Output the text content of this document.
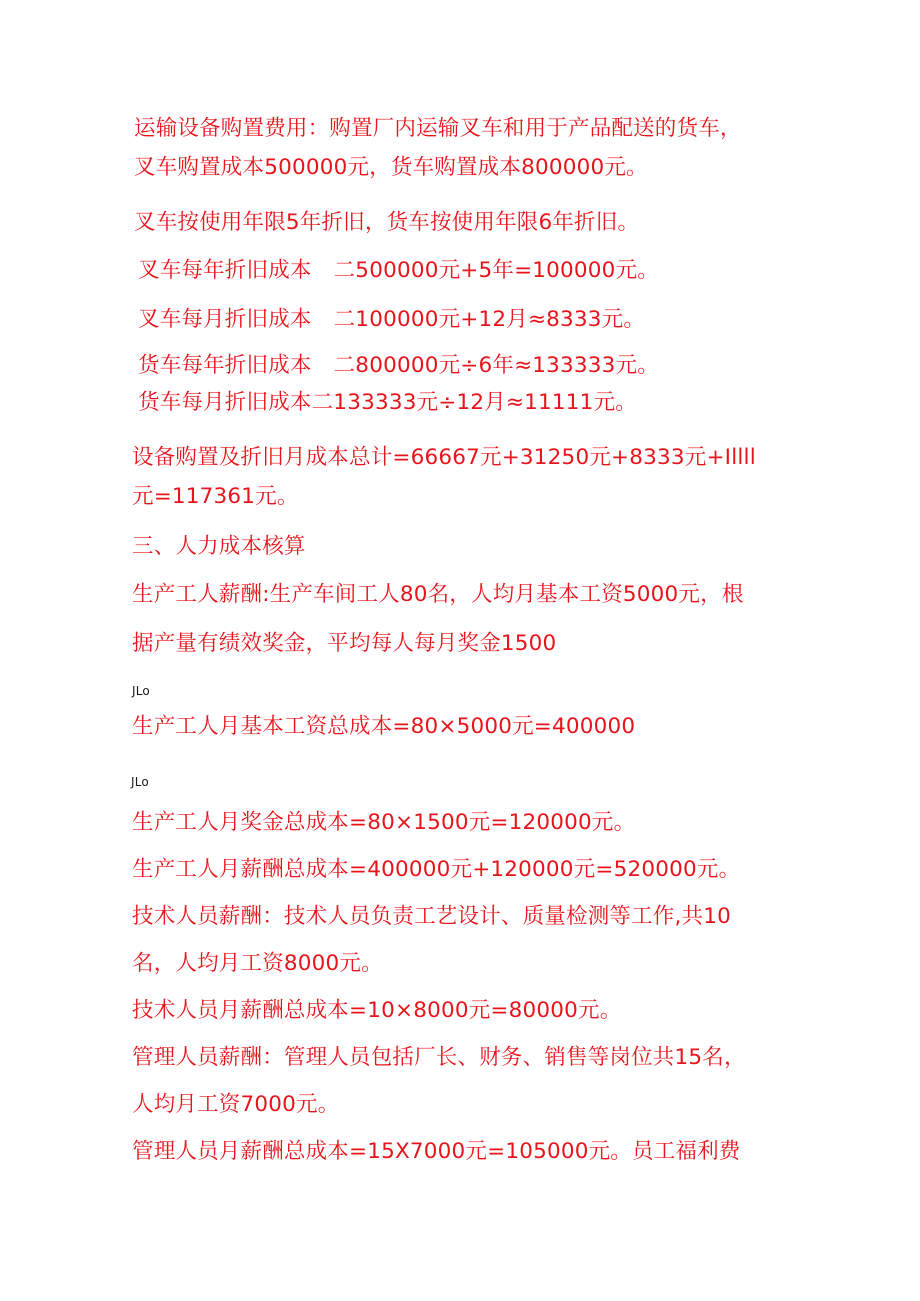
运输设备购置费用：购置厂内运输叉车和用于产品配送的货车，
叉车购置成本500000元，货车购置成本800000元。
叉车按使用年限5年折旧，货车按使用年限6年折旧。
叉车每年折旧成本 二500000元+5年=100000元。
叉车每月折旧成本 二100000元+12月≈8333元。
货车每年折旧成本 二800000元÷6年≈133333元。
货车每月折旧成本二133333元÷12月≈11111元。
设备购置及折旧月成本总计=66667元+31250元+8333元+Illll
元=117361元。
三、人力成本核算
生产工人薪酬:生产车间工人80名，人均月基本工资5000元，根
据产量有绩效奖金，平均每人每月奖金1500
JLo
生产工人月基本工资总成本=80×5000元=400000
JLo
生产工人月奖金总成本=80×1500元=120000元。
生产工人月薪酬总成本=400000元+120000元=520000元。
技术人员薪酬：技术人员负责工艺设计、质量检测等工作,共10
名，人均月工资8000元。
技术人员月薪酬总成本=10×8000元=80000元。
管理人员薪酬：管理人员包括厂长、财务、销售等岗位共15名，
人均月工资7000元。
管理人员月薪酬总成本=15X7000元=105000元。员工福利费
